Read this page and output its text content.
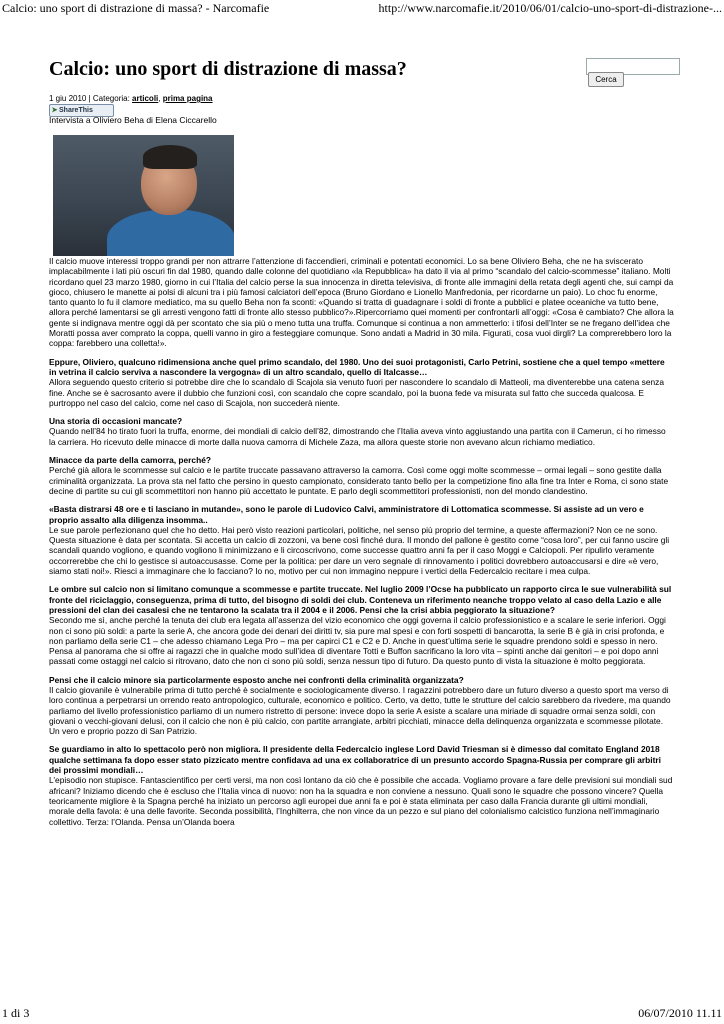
Calcio: uno sport di distrazione di massa? - Narcomafie	http://www.narcomafie.it/2010/06/01/calcio-uno-sport-di-distrazione-...
Cerca
Calcio: uno sport di distrazione di massa?
1 giu 2010 | Categoria: articoli, prima pagina
➤ ShareThis
Intervista a Oliviero Beha di Elena Ciccarello

Il calcio muove interessi troppo grandi per non attrarre l’attenzione di faccendieri, criminali e potentati economici. Lo sa bene Oliviero Beha, che ne ha sviscerato implacabilmente i lati più oscuri fin dal 1980, quando dalle colonne del quotidiano «la Repubblica» ha dato il via al primo “scandalo del calcio-scommesse” italiano. Molti ricordano quel 23 marzo 1980, giorno in cui l’Italia del calcio perse la sua innocenza in diretta televisiva, di fronte alle immagini della retata degli agenti che, sui campi da gioco, chiusero le manette ai polsi di alcuni tra i più famosi calciatori dell’epoca (Bruno Giordano e Lionello Manfredonia, per ricordarne un paio). Lo choc fu enorme, tanto quanto lo fu il clamore mediatico, ma su quello Beha non fa sconti: «Quando si tratta di guadagnare i soldi di fronte a pubblici e platee oceaniche va tutto bene, allora perché lamentarsi se gli arresti vengono fatti di fronte allo stesso pubblico?».Ripercorriamo quei momenti per confrontarli all’oggi: «Cosa è cambiato? Che allora la gente si indignava mentre oggi dà per scontato che sia più o meno tutta una truffa. Comunque si continua a non ammetterlo: i tifosi dell’Inter se ne fregano dell’idea che Moratti possa aver comprato la coppa, quelli vanno in giro a festeggiare comunque. Sono andati a Madrid in 30 mila. Figurati, cosa vuoi dirgli? La comprerebbero loro la coppa: farebbero una colletta!».

Eppure, Oliviero, qualcuno ridimensiona anche quel primo scandalo, del 1980. Uno dei suoi protagonisti, Carlo Petrini, sostiene che a quel tempo «mettere in vetrina il calcio serviva a nascondere la vergogna» di un altro scandalo, quello di Italcasse…

Allora seguendo questo criterio si potrebbe dire che lo scandalo di Scajola sia venuto fuori per nascondere lo scandalo di Matteoli, ma diventerebbe una catena senza fine. Anche se è sacrosanto avere il dubbio che funzioni così, con scandalo che copre scandalo, poi la buona fede va misurata sul fatto che succeda qualcosa. E purtroppo nel caso del calcio, come nel caso di Scajola, non succederà niente.

Una storia di occasioni mancate?

Quando nell’84 ho tirato fuori la truffa, enorme, dei mondiali di calcio dell’82, dimostrando che l’Italia aveva vinto aggiustando una partita con il Camerun, ci ho rimesso la carriera. Ho ricevuto delle minacce di morte dalla nuova camorra di Michele Zaza, ma allora queste storie non avevano alcun richiamo mediatico.

Minacce da parte della camorra, perché?

Perché già allora le scommesse sul calcio e le partite truccate passavano attraverso la camorra. Così come oggi molte scommesse – ormai legali – sono gestite dalla criminalità organizzata. La prova sta nel fatto che persino in questo campionato, considerato tanto bello per la competizione fino alla fine tra Inter e Roma, ci sono state decine di partite su cui gli scommettitori non hanno più accettato le puntate. E parlo degli scommettitori professionisti, non del mondo clandestino.

«Basta distrarsi 48 ore e ti lasciano in mutande», sono le parole di Ludovico Calvi, amministratore di Lottomatica scommesse. Si assiste ad un vero e proprio assalto alla diligenza insomma..

Le sue parole perfezionano quel che ho detto. Hai però visto reazioni particolari, politiche, nel senso più proprio del termine, a queste affermazioni? Non ce ne sono. Questa situazione è data per scontata. Si accetta un calcio di zozzoni, va bene così finché dura. Il mondo del pallone è gestito come “cosa loro”, per cui fanno uscire gli scandali quando vogliono, e quando vogliono li minimizzano e li circoscrivono, come successe quattro anni fa per il caso Moggi e Calciopoli. Per ripulirlo veramente occorrerebbe che chi lo gestisce si autoaccusasse. Come per la politica: per dare un vero segnale di rinnovamento i politici dovrebbero autoaccusarsi e dire «è vero, siamo stati noi!». Riesci a immaginare che lo facciano? Io no, motivo per cui non immagino neppure i vertici della Federcalcio recitare i mea culpa.

Le ombre sul calcio non si limitano comunque a scommesse e partite truccate. Nel luglio 2009 l’Ocse ha pubblicato un rapporto circa le sue vulnerabilità sul fronte del riciclaggio, conseguenza, prima di tutto, del bisogno di soldi dei club. Conteneva un riferimento neanche troppo velato al caso della Lazio e alle pressioni del clan dei casalesi che ne tentarono la scalata tra il 2004 e il 2006. Pensi che la crisi abbia peggiorato la situazione?

Secondo me sì, anche perché la tenuta dei club era legata all’assenza del vizio economico che oggi governa il calcio professionistico e a scalare le serie inferiori. Oggi non ci sono più soldi: a parte la serie A, che ancora gode dei denari dei diritti tv, sia pure mal spesi e con forti sospetti di bancarotta, la serie B è già in crisi profonda, e non parliamo della serie C1 – che adesso chiamano Lega Pro – ma per capirci C1 e C2 e D. Anche in quest’ultima serie le squadre prendono soldi e spesso in nero. Pensa al panorama che si offre ai ragazzi che in qualche modo sull’idea di diventare Totti e Buffon sacrificano la loro vita – spinti anche dai genitori – e poi dopo anni passati come ostaggi nel calcio si ritrovano, dato che non ci sono più soldi, senza nessun tipo di futuro. Da questo punto di vista la situazione è molto peggiorata.

Pensi che il calcio minore sia particolarmente esposto anche nei confronti della criminalità organizzata?

Il calcio giovanile è vulnerabile prima di tutto perché è socialmente e sociologicamente diverso. I ragazzini potrebbero dare un futuro diverso a questo sport ma verso di loro continua a perpetrarsi un orrendo reato antropologico, culturale, economico e politico. Certo, va detto, tutte le strutture del calcio sarebbero da rivedere, ma quando parliamo del livello professionistico parliamo di un numero ristretto di persone: invece dopo la serie A esiste a scalare una miriade di squadre ormai senza soldi, con giovani o vecchi-giovani delusi, con il calcio che non è più calcio, con partite arrangiate, arbitri picchiati, minacce della delinquenza organizzata e scommesse pilotate. Un vero e proprio pozzo di San Patrizio.

Se guardiamo in alto lo spettacolo però non migliora. Il presidente della Federcalcio inglese Lord David Triesman si è dimesso dal comitato England 2018 qualche settimana fa dopo esser stato pizzicato mentre confidava ad una ex collaboratrice di un presunto accordo Spagna-Russia per comprare gli arbitri dei prossimi mondiali…

L’episodio non stupisce. Fantascientifico per certi versi, ma non così lontano da ciò che è possibile che accada. Vogliamo provare a fare delle previsioni sui mondiali sud africani? Iniziamo dicendo che è escluso che l’Italia vinca di nuovo: non ha la squadra e non conviene a nessuno. Quali sono le squadre che possono vincere? Quella teoricamente migliore è la Spagna perché ha iniziato un percorso agli europei due anni fa e poi è stata eliminata per caso dalla Francia durante gli ultimi mondiali, morale della favola: è una delle favorite. Seconda possibilità, l’Inghilterra, che non vince da un pezzo e sul piano del colonialismo calcistico funziona nell’immaginario collettivo. Terza: l’Olanda. Pensa un’Olanda boera

1 di 3	06/07/2010 11.11
